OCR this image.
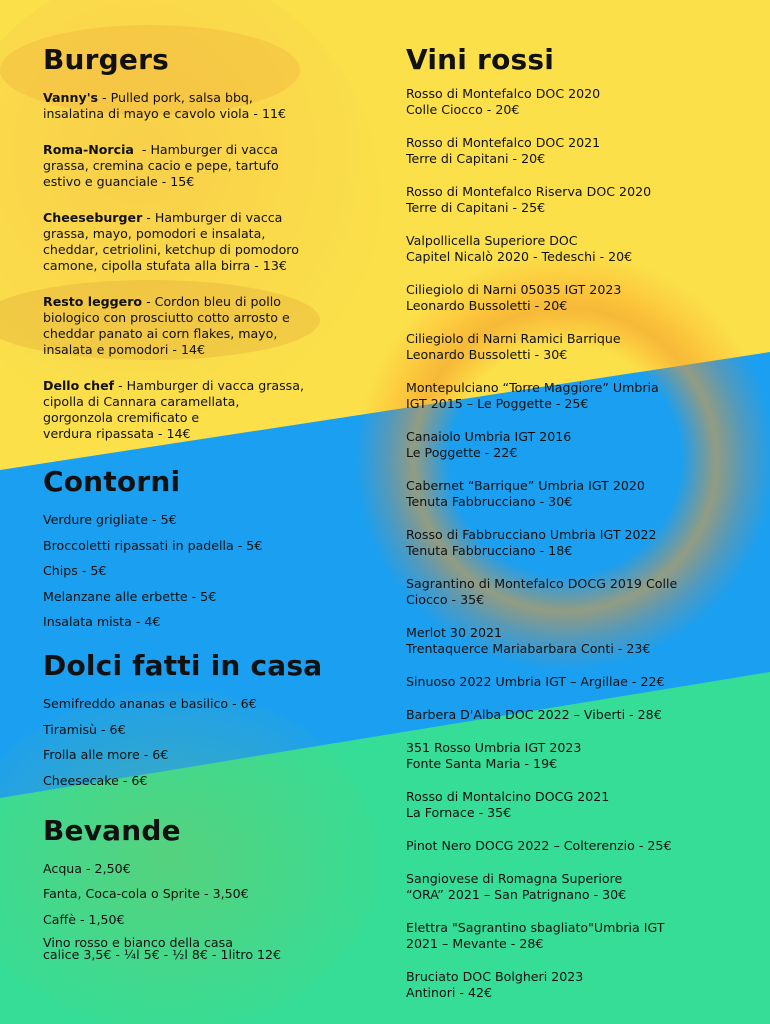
Burgers
Vanny's - Pulled pork, salsa bbq,
insalatina di mayo e cavolo viola - 11€
Roma-Norcia  - Hamburger di vacca
grassa, cremina cacio e pepe, tartufo
estivo e guanciale - 15€
Cheeseburger - Hamburger di vacca
grassa, mayo, pomodori e insalata,
cheddar, cetriolini, ketchup di pomodoro
camone, cipolla stufata alla birra - 13€
Resto leggero - Cordon bleu di pollo
biologico con prosciutto cotto arrosto e
cheddar panato ai corn flakes, mayo,
insalata e pomodori - 14€
Dello chef - Hamburger di vacca grassa,
cipolla di Cannara caramellata,
gorgonzola cremificato e
verdura ripassata - 14€
Contorni
Verdure grigliate - 5€
Broccoletti ripassati in padella - 5€
Chips - 5€
Melanzane alle erbette - 5€
Insalata mista - 4€
Dolci fatti in casa
Semifreddo ananas e basilico - 6€
Tiramisù - 6€
Frolla alle more - 6€
Cheesecake - 6€
Bevande
Acqua - 2,50€
Fanta, Coca-cola o Sprite - 3,50€
Caffè - 1,50€
Vino rosso e bianco della casa
calice 3,5€ - ¼l 5€ - ½l 8€ - 1litro 12€
Vini rossi
Rosso di Montefalco DOC 2020
Colle Ciocco - 20€
Rosso di Montefalco DOC 2021
Terre di Capitani - 20€
Rosso di Montefalco Riserva DOC 2020
Terre di Capitani - 25€
Valpollicella Superiore DOC
Capitel Nicalò 2020 - Tedeschi - 20€
Ciliegiolo di Narni 05035 IGT 2023
Leonardo Bussoletti - 20€
Ciliegiolo di Narni Ramici Barrique
Leonardo Bussoletti - 30€
Montepulciano “Torre Maggiore” Umbria
IGT 2015 – Le Poggette - 25€
Canaiolo Umbria IGT 2016
Le Poggette - 22€
Cabernet “Barrique” Umbria IGT 2020
Tenuta Fabbrucciano - 30€
Rosso di Fabbrucciano Umbria IGT 2022
Tenuta Fabbrucciano - 18€
Sagrantino di Montefalco DOCG 2019 Colle
Ciocco - 35€
Merlot 30 2021
Trentaquerce Mariabarbara Conti - 23€
Sinuoso 2022 Umbria IGT – Argillae - 22€
Barbera D'Alba DOC 2022 – Viberti - 28€
351 Rosso Umbria IGT 2023
Fonte Santa Maria - 19€
Rosso di Montalcino DOCG 2021
La Fornace - 35€
Pinot Nero DOCG 2022 – Colterenzio - 25€
Sangiovese di Romagna Superiore
“ORA” 2021 – San Patrignano - 30€
Elettra "Sagrantino sbagliato"Umbria IGT
2021 – Mevante - 28€
Bruciato DOC Bolgheri 2023
Antinori - 42€
